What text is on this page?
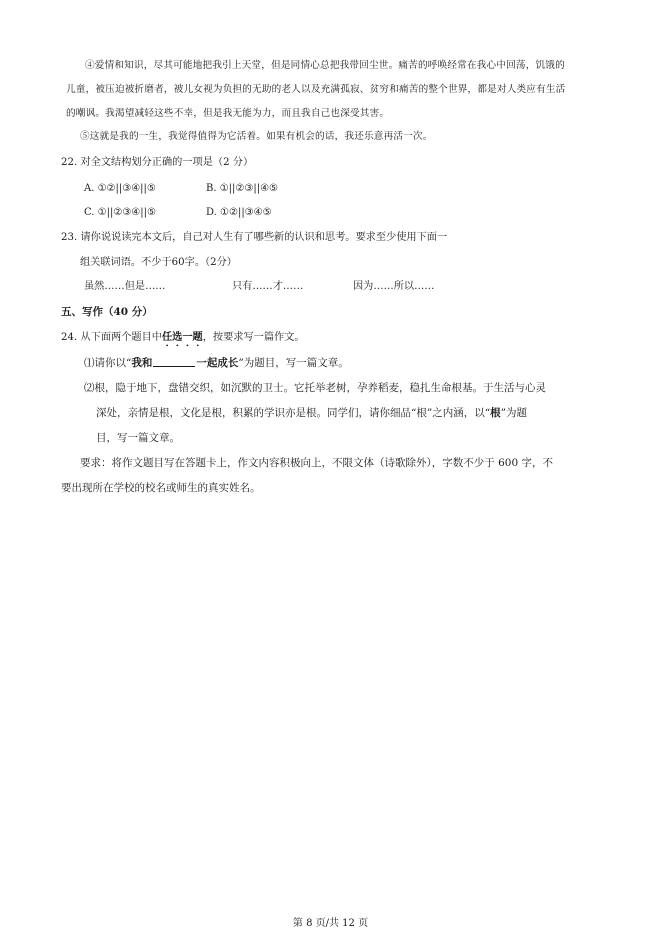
④爱情和知识，尽其可能地把我引上天堂，但是同情心总把我带回尘世。痛苦的呼唤经常在我心中回荡，饥饿的
儿童，被压迫被折磨者，被儿女视为负担的无助的老人以及充满孤寂、贫穷和痛苦的整个世界，都是对人类应有生活
的嘲讽。我渴望减轻这些不幸，但是我无能为力，而且我自己也深受其害。
⑤这就是我的一生，我觉得值得为它活着。如果有机会的话，我还乐意再活一次。
22. 对全文结构划分正确的一项是（2 分）
A. ①②||③④||⑤	B. ①||②③||④⑤
C. ①||②③④||⑤	D. ①②||③④⑤
23. 请你说说读完本文后，自己对人生有了哪些新的认识和思考。要求至少使用下面一
组关联词语。不少于60字。（2分）
虽然……但是……	只有……才……	因为……所以……
五、写作（40 分）
24. 从下面两个题目中任选一题，按要求写一篇作文。
⑴请你以“我和	一起成长”为题目，写一篇文章。
⑵根，隐于地下，盘错交织，如沉默的卫士。它托举老树，孕养稻麦，稳扎生命根基。于生活与心灵
深处，亲情是根，文化是根，积累的学识亦是根。同学们，请你细品“根”之内涵，以“根”为题
目，写一篇文章。
要求：将作文题目写在答题卡上，作文内容积极向上，不限文体（诗歌除外），字数不少于 600 字，不
要出现所在学校的校名或师生的真实姓名。
第 8 页/共 12 页
